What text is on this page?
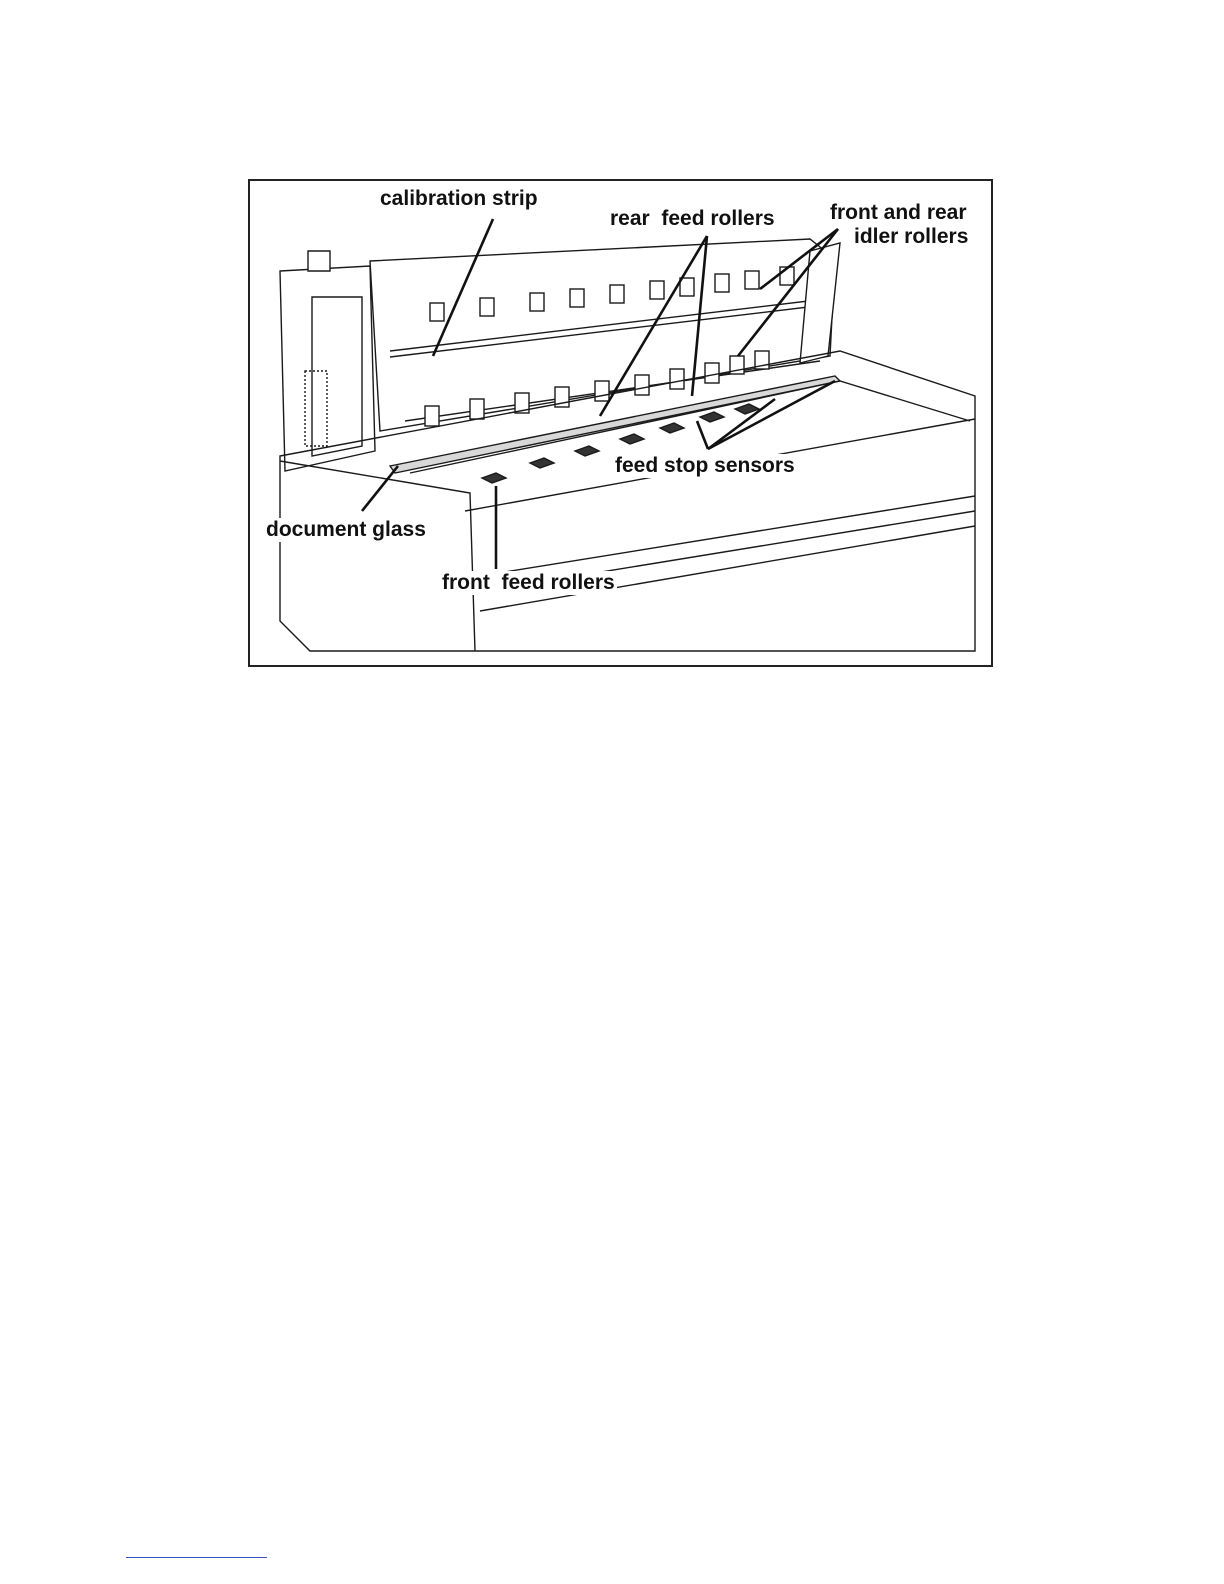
calibration strip
rear  feed rollers	front and rear
idler rollers
feed stop sensors
document glass
front  feed rollers
